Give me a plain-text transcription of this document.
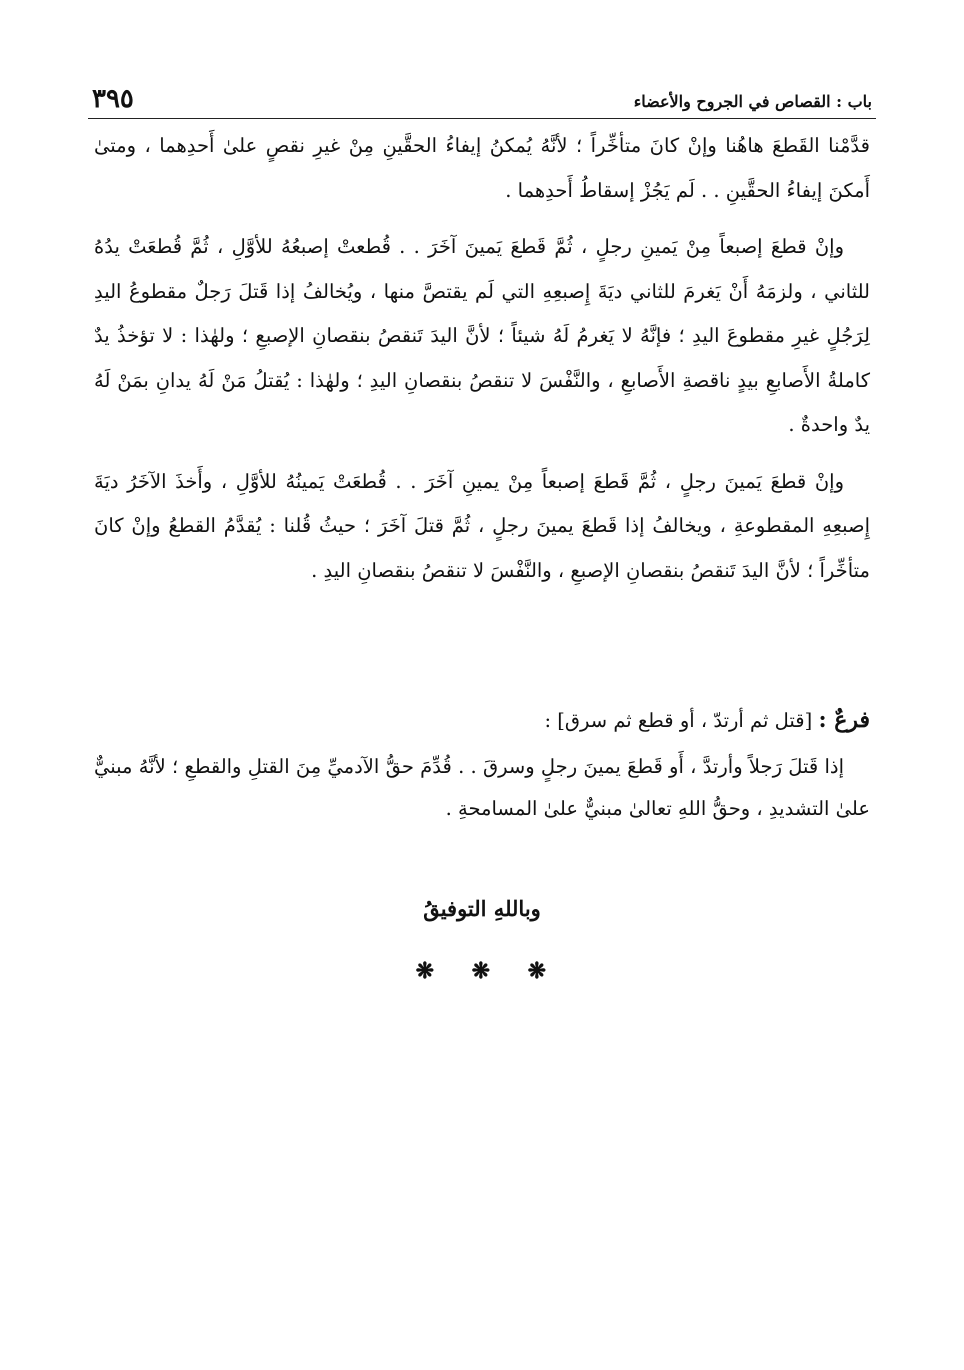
باب : القصاص في الجروح والأعضاء
٣٩٥

قدَّمْنا القَطعَ هاهُنا وإنْ كانَ متأخِّراً ؛ لأنَّهُ يُمكنُ إيفاءُ الحقَّينِ مِنْ غيرِ نقصٍ علىٰ أَحدِهما ، ومتىٰ أَمكنَ إيفاءُ الحقَّينِ . . لَم يَجُزْ إسقاطُ أَحدِهما .

وإنْ قطعَ إصبعاً مِنْ يَمينِ رجلٍ ، ثُمَّ قَطعَ يَمينَ آخَرَ . . قُطعتْ إصبعُهُ للأوَّلِ ، ثُمَّ قُطعَتْ يدُهُ للثاني ، ولزمَهُ أَنْ يَغرمَ للثاني ديَةَ إِصبعِهِ التي لَم يقتصَّ منها ، ويُخالفُ إذا قَتلَ رَجلٌ مقطوعُ اليدِ لِرَجُلٍ غيرِ مقطوعَ اليدِ ؛ فإنَّهُ لا يَغرمُ لَهُ شيئاً ؛ لأنَّ اليدَ تَنقصُ بنقصانِ الإصبعِ ؛ ولهٰذا : لا تؤخذُ يدٌ كاملةُ الأَصابعِ بيدٍ ناقصةِ الأَصابعِ ، والنَّفْسَ لا تنقصُ بنقصانِ اليدِ ؛ ولهٰذا : يُقتلُ مَنْ لَهُ يدانِ بمَنْ لَهُ يدٌ واحدةٌ .

وإنْ قطعَ يَمينَ رجلٍ ، ثُمَّ قَطعَ إصبعاً مِنْ يمينِ آخَرَ . . قُطعَتْ يَمينُهُ للأوَّلِ ، وأَخذَ الآخَرُ ديَةَ إِصبعِهِ المقطوعةِ ، ويخالفُ إذا قَطعَ يمينَ رجلٍ ، ثُمَّ قتلَ آخَرَ ؛ حيثُ قُلنا : يُقدَّمُ القطعُ وإنْ كانَ متأخِّراً ؛ لأنَّ اليدَ تَنقصُ بنقصانِ الإصبعِ ، والنَّفْسَ لا تنقصُ بنقصانِ اليدِ .

فرعٌ : [قتل ثم أرتدّ ، أو قطع ثم سرق] :

إذا قَتلَ رَجلاً وأرتدَّ ، أَو قَطعَ يمينَ رجلٍ وسرقَ . . قُدِّمَ حقُّ الآدميِّ مِنَ القتلِ والقطعِ ؛ لأنَّهُ مبنيٌّ علىٰ التشديدِ ، وحقُّ اللهِ تعالىٰ مبنيٌّ علىٰ المسامحةِ .

وباللهِ التوفيقُ
❋
❋
❋
